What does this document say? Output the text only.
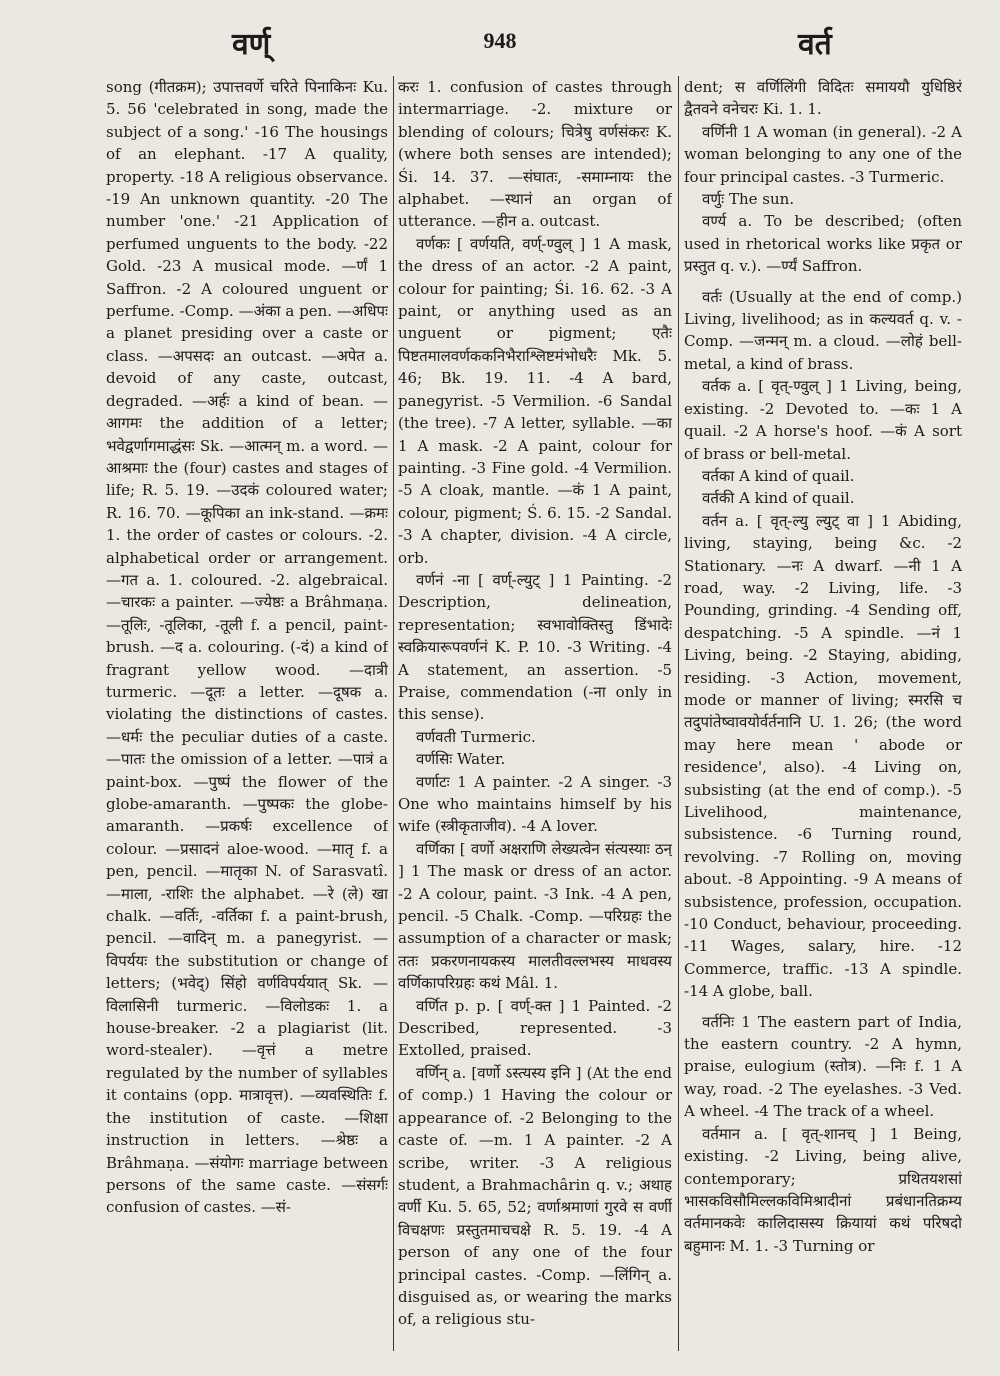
वर्ण्	948	वर्त

song (गीतक्रम); उपात्तवर्णे चरिते पिनाकिनः Ku. 5. 56 'celebrated in song, made the subject of a song.' -16 The housings of an elephant. -17 A quality, property. -18 A religious observance. -19 An unknown quantity. -20 The number 'one.' -21 Application of perfumed unguents to the body. -22 Gold. -23 A musical mode. —र्णं 1 Saffron. -2 A coloured unguent or perfume. -Comp. —अंका a pen. —अधिपः a planet presiding over a caste or class. —अपसदः an outcast. —अपेत a. devoid of any caste, outcast, degraded. —अर्हः a kind of bean. —आगमः the addition of a letter; भवेद्वर्णागमाद्धंसः Sk. —आत्मन् m. a word. —आश्रमाः the (four) castes and stages of life; R. 5. 19. —उदकं coloured water; R. 16. 70. —कूपिका an ink-stand. —क्रमः 1. the order of castes or colours. -2. alphabetical order or arrangement. —गत a. 1. coloured. -2. algebraical. —चारकः a painter. —ज्येष्ठः a Brâhmaṇa. —तूलिः, -तूलिका, -तूली f. a pencil, paint-brush. —द a. colouring. (-दं) a kind of fragrant yellow wood. —दात्री turmeric. —दूतः a letter. —दूषक a. violating the distinctions of castes. —धर्मः the peculiar duties of a caste. —पातः the omission of a letter. —पात्रं a paint-box. —पुष्पं the flower of the globe-amaranth. —पुष्पकः the globe-amaranth. —प्रकर्षः excellence of colour. —प्रसादनं aloe-wood. —मातृ f. a pen, pencil. —मातृका N. of Sarasvatî. —माला, -राशिः the alphabet. —रे (ले) खा chalk. —वर्तिः, -वर्तिका f. a paint-brush, pencil. —वादिन् m. a panegyrist. —विपर्ययः the substitution or change of letters; (भवेद्) सिंहो वर्णविपर्ययात् Sk. —विलासिनी turmeric. —विलोडकः 1. a house-breaker. -2 a plagiarist (lit. word-stealer). —वृत्तं a metre regulated by the number of syllables it contains (opp. मात्रावृत्त). —व्यवस्थितिः f. the institution of caste. —शिक्षा instruction in letters. —श्रेष्ठः a Brâhmaṇa. —संयोगः marriage between persons of the same caste. —संसर्गः confusion of castes. —सं-

करः 1. confusion of castes through intermarriage. -2. mixture or blending of colours; चित्रेषु वर्णसंकरः K. (where both senses are intended); Śi. 14. 37. —संघातः, -समाम्नायः the alphabet. —स्थानं an organ of utterance. —हीन a. outcast.

वर्णकः [ वर्णयति, वर्ण्-ण्वुल् ] 1 A mask, the dress of an actor. -2 A paint, colour for painting; Śi. 16. 62. -3 A paint, or anything used as an unguent or pigment; एतैः पिष्टतमालवर्णककनिभैराश्लिष्टमंभोधरैः Mk. 5. 46; Bk. 19. 11. -4 A bard, panegyrist. -5 Vermilion. -6 Sandal (the tree). -7 A letter, syllable. —का 1 A mask. -2 A paint, colour for painting. -3 Fine gold. -4 Vermilion. -5 A cloak, mantle. —कं 1 A paint, colour, pigment; Ś. 6. 15. -2 Sandal. -3 A chapter, division. -4 A circle, orb.

वर्णनं -ना [ वर्ण्-ल्युट् ] 1 Painting. -2 Description, delineation, representation; स्वभावोक्तिस्तु डिंभादेः स्वक्रियारूपवर्णनं K. P. 10. -3 Writing. -4 A statement, an assertion. -5 Praise, commendation (-ना only in this sense).

वर्णवती Turmeric.

वर्णसिः Water.

वर्णाटः 1 A painter. -2 A singer. -3 One who maintains himself by his wife (स्त्रीकृताजीव). -4 A lover.

वर्णिका [ वर्णो अक्षराणि लेख्यत्वेन संत्यस्याः ठन् ] 1 The mask or dress of an actor. -2 A colour, paint. -3 Ink. -4 A pen, pencil. -5 Chalk. -Comp. —परिग्रहः the assumption of a character or mask; ततः प्रकरणनायकस्य मालतीवल्लभस्य माधवस्य वर्णिकापरिग्रहः कथं Mâl. 1.

वर्णित p. p. [ वर्ण्-क्त ] 1 Painted. -2 Described, represented. -3 Extolled, praised.

वर्णिन् a. [वर्णो ऽस्त्यस्य इनि ] (At the end of comp.) 1 Having the colour or appearance of. -2 Belonging to the caste of. —m. 1 A painter. -2 A scribe, writer. -3 A religious student, a Brahmachârin q. v.; अथाह वर्णी Ku. 5. 65, 52; वर्णाश्रमाणां गुरवे स वर्णी विचक्षणः प्रस्तुतमाचचक्षे R. 5. 19. -4 A person of any one of the four principal castes. -Comp. —लिंगिन् a. disguised as, or wearing the marks of, a religious stu-

dent; स वर्णिलिंगी विदितः समाययौ युधिष्ठिरं द्वैतवने वनेचरः Ki. 1. 1.

वर्णिनी 1 A woman (in general). -2 A woman belonging to any one of the four principal castes. -3 Turmeric.

वर्णुः The sun.

वर्ण्य a. To be described; (often used in rhetorical works like प्रकृत or प्रस्तुत q. v.). —र्ण्यं Saffron.

वर्तः (Usually at the end of comp.) Living, livelihood; as in कल्यवर्त q. v. -Comp. —जन्मन् m. a cloud. —लोहं bell-metal, a kind of brass.

वर्तक a. [ वृत्-ण्वुल् ] 1 Living, being, existing. -2 Devoted to. —कः 1 A quail. -2 A horse's hoof. —कं A sort of brass or bell-metal.

वर्तका A kind of quail.

वर्तकी A kind of quail.

वर्तन a. [ वृत्-ल्यु ल्युट् वा ] 1 Abiding, living, staying, being &c. -2 Stationary. —नः A dwarf. —नी 1 A road, way. -2 Living, life. -3 Pounding, grinding. -4 Sending off, despatching. -5 A spindle. —नं 1 Living, being. -2 Staying, abiding, residing. -3 Action, movement, mode or manner of living; स्मरसि च तदुपांतेष्वावयोर्वर्तनानि U. 1. 26; (the word may here mean ' abode or residence', also). -4 Living on, subsisting (at the end of comp.). -5 Livelihood, maintenance, subsistence. -6 Turning round, revolving. -7 Rolling on, moving about. -8 Appointing. -9 A means of subsistence, profession, occupation. -10 Conduct, behaviour, proceeding. -11 Wages, salary, hire. -12 Commerce, traffic. -13 A spindle. -14 A globe, ball.

वर्तनिः 1 The eastern part of India, the eastern country. -2 A hymn, praise, eulogium (स्तोत्र). —निः f. 1 A way, road. -2 The eyelashes. -3 Ved. A wheel. -4 The track of a wheel.

वर्तमान a. [ वृत्-शानच् ] 1 Being, existing. -2 Living, being alive, contemporary; प्रथितयशसां भासकविसौमिल्लकविमिश्रादीनां प्रबंधानतिक्रम्य वर्तमानकवेः कालिदासस्य क्रियायां कथं परिषदो बहुमानः M. 1. -3 Turning or
